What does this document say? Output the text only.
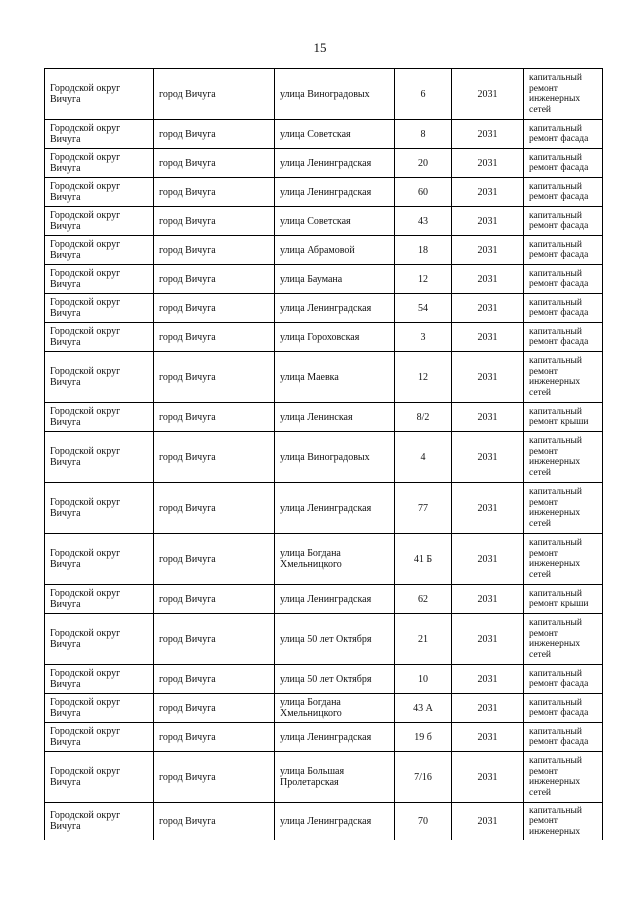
15
Городской округ Вичуга	город Вичуга	улица Виноградовых	6	2031	капитальный ремонт инженерных сетей
Городской округ Вичуга	город Вичуга	улица Советская	8	2031	капитальный ремонт фасада
Городской округ Вичуга	город Вичуга	улица Ленинградская	20	2031	капитальный ремонт фасада
Городской округ Вичуга	город Вичуга	улица Ленинградская	60	2031	капитальный ремонт фасада
Городской округ Вичуга	город Вичуга	улица Советская	43	2031	капитальный ремонт фасада
Городской округ Вичуга	город Вичуга	улица Абрамовой	18	2031	капитальный ремонт фасада
Городской округ Вичуга	город Вичуга	улица Баумана	12	2031	капитальный ремонт фасада
Городской округ Вичуга	город Вичуга	улица Ленинградская	54	2031	капитальный ремонт фасада
Городской округ Вичуга	город Вичуга	улица Гороховская	3	2031	капитальный ремонт фасада
Городской округ Вичуга	город Вичуга	улица Маевка	12	2031	капитальный ремонт инженерных сетей
Городской округ Вичуга	город Вичуга	улица Ленинская	8/2	2031	капитальный ремонт крыши
Городской округ Вичуга	город Вичуга	улица Виноградовых	4	2031	капитальный ремонт инженерных сетей
Городской округ Вичуга	город Вичуга	улица Ленинградская	77	2031	капитальный ремонт инженерных сетей
Городской округ Вичуга	город Вичуга	улица Богдана Хмельницкого	41 Б	2031	капитальный ремонт инженерных сетей
Городской округ Вичуга	город Вичуга	улица Ленинградская	62	2031	капитальный ремонт крыши
Городской округ Вичуга	город Вичуга	улица 50 лет Октября	21	2031	капитальный ремонт инженерных сетей
Городской округ Вичуга	город Вичуга	улица 50 лет Октября	10	2031	капитальный ремонт фасада
Городской округ Вичуга	город Вичуга	улица Богдана Хмельницкого	43 А	2031	капитальный ремонт фасада
Городской округ Вичуга	город Вичуга	улица Ленинградская	19 б	2031	капитальный ремонт фасада
Городской округ Вичуга	город Вичуга	улица Большая Пролетарская	7/16	2031	капитальный ремонт инженерных сетей
Городской округ Вичуга	город Вичуга	улица Ленинградская	70	2031	капитальный ремонт инженерных
